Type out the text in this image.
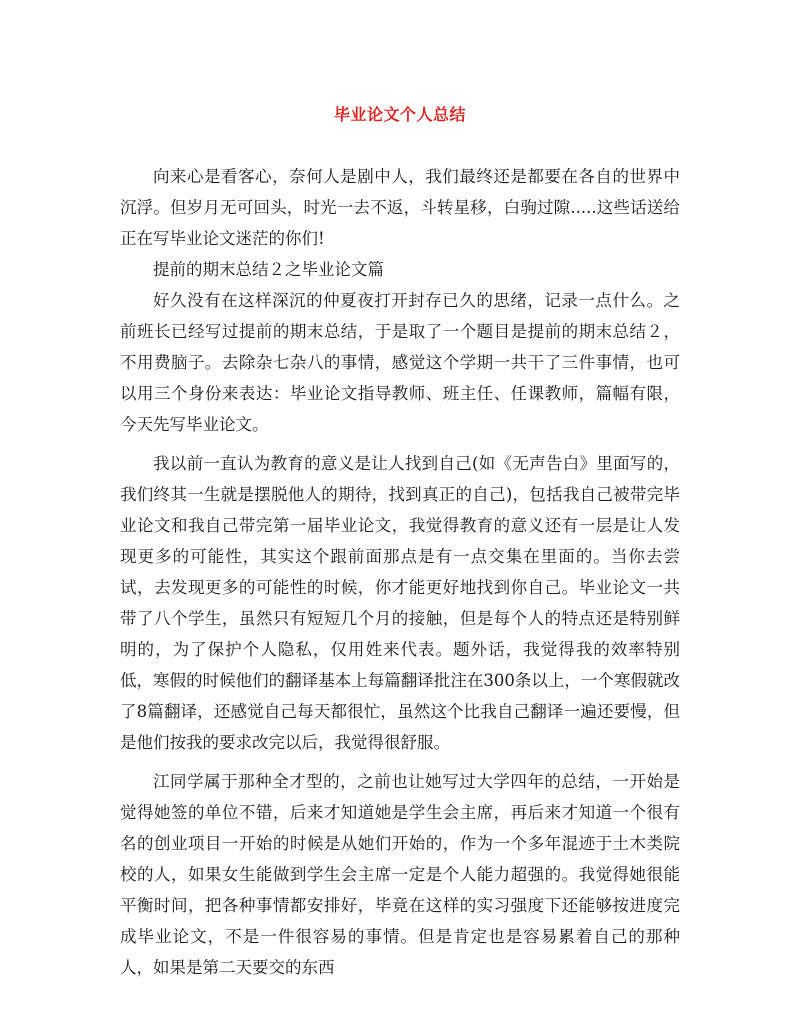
毕业论文个人总结

向来心是看客心，奈何人是剧中人，我们最终还是都要在各自的世界中沉浮。但岁月无可回头，时光一去不返，斗转星移，白驹过隙.....这些话送给正在写毕业论文迷茫的你们!

提前的期末总结２之毕业论文篇

好久没有在这样深沉的仲夏夜打开封存已久的思绪，记录一点什么。之前班长已经写过提前的期末总结，于是取了一个题目是提前的期末总结２，不用费脑子。去除杂七杂八的事情，感觉这个学期一共干了三件事情，也可以用三个身份来表达：毕业论文指导教师、班主任、任课教师，篇幅有限，今天先写毕业论文。

我以前一直认为教育的意义是让人找到自己(如《无声告白》里面写的，我们终其一生就是摆脱他人的期待，找到真正的自己)，包括我自己被带完毕业论文和我自己带完第一届毕业论文，我觉得教育的意义还有一层是让人发现更多的可能性，其实这个跟前面那点是有一点交集在里面的。当你去尝试，去发现更多的可能性的时候，你才能更好地找到你自己。毕业论文一共带了八个学生，虽然只有短短几个月的接触，但是每个人的特点还是特别鲜明的，为了保护个人隐私，仅用姓来代表。题外话，我觉得我的效率特别低，寒假的时候他们的翻译基本上每篇翻译批注在300条以上，一个寒假就改了8篇翻译，还感觉自己每天都很忙，虽然这个比我自己翻译一遍还要慢，但是他们按我的要求改完以后，我觉得很舒服。

江同学属于那种全才型的，之前也让她写过大学四年的总结，一开始是觉得她签的单位不错，后来才知道她是学生会主席，再后来才知道一个很有名的创业项目一开始的时候是从她们开始的，作为一个多年混迹于土木类院校的人，如果女生能做到学生会主席一定是个人能力超强的。我觉得她很能平衡时间，把各种事情都安排好，毕竟在这样的实习强度下还能够按进度完成毕业论文，不是一件很容易的事情。但是肯定也是容易累着自己的那种人，如果是第二天要交的东西
